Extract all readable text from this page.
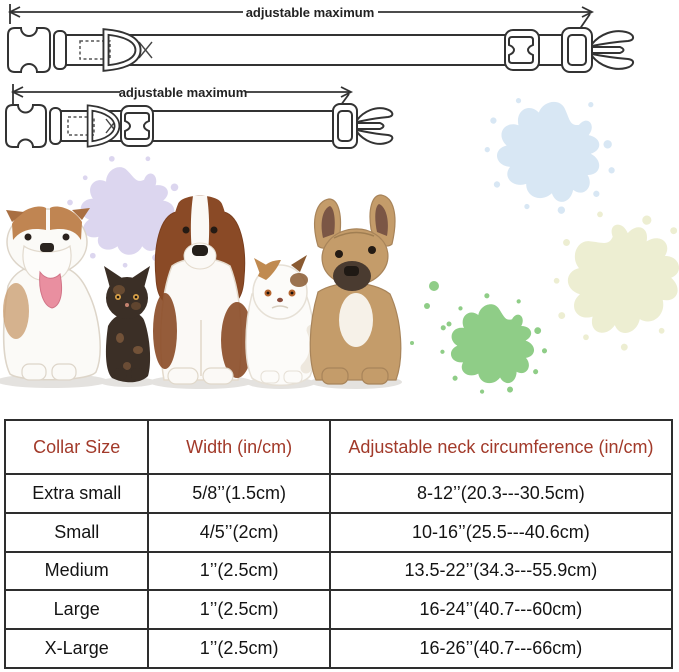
adjustable maximum
adjustable maximum
Collar Size	Width (in/cm)	Adjustable neck circumference (in/cm)
Extra small	5/8’’(1.5cm)	8-12’’(20.3---30.5cm)
Small	4/5’’(2cm)	10-16’’(25.5---40.6cm)
Medium	1’’(2.5cm)	13.5-22’’(34.3---55.9cm)
Large	1’’(2.5cm)	16-24’’(40.7---60cm)
X-Large	1’’(2.5cm)	16-26’’(40.7---66cm)
